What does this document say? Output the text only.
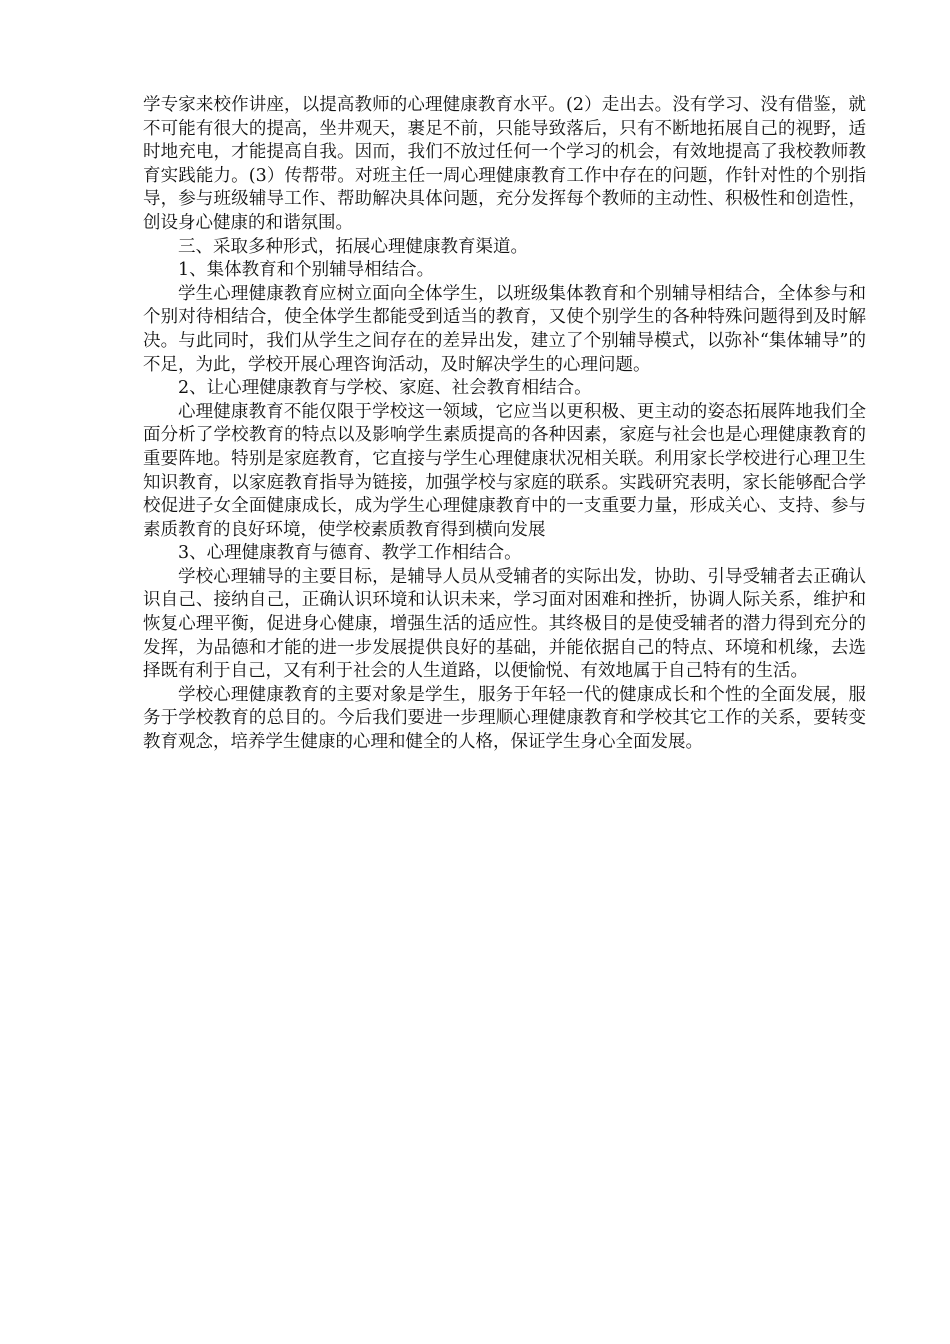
学专家来校作讲座，以提高教师的心理健康教育水平。(2）走出去。没有学习、没有借鉴，就不可能有很大的提高，坐井观天，裹足不前，只能导致落后，只有不断地拓展自己的视野，适时地充电，才能提高自我。因而，我们不放过任何一个学习的机会，有效地提高了我校教师教育实践能力。(3）传帮带。对班主任一周心理健康教育工作中存在的问题，作针对性的个别指导，参与班级辅导工作、帮助解决具体问题，充分发挥每个教师的主动性、积极性和创造性，创设身心健康的和谐氛围。

三、采取多种形式，拓展心理健康教育渠道。

1、集体教育和个别辅导相结合。

学生心理健康教育应树立面向全体学生，以班级集体教育和个别辅导相结合，全体参与和个别对待相结合，使全体学生都能受到适当的教育，又使个别学生的各种特殊问题得到及时解决。与此同时，我们从学生之间存在的差异出发，建立了个别辅导模式，以弥补“集体辅导”的不足，为此，学校开展心理咨询活动，及时解决学生的心理问题。

2、让心理健康教育与学校、家庭、社会教育相结合。

心理健康教育不能仅限于学校这一领域，它应当以更积极、更主动的姿态拓展阵地我们全面分析了学校教育的特点以及影响学生素质提高的各种因素，家庭与社会也是心理健康教育的重要阵地。特别是家庭教育，它直接与学生心理健康状况相关联。利用家长学校进行心理卫生知识教育，以家庭教育指导为链接，加强学校与家庭的联系。实践研究表明，家长能够配合学校促进子女全面健康成长，成为学生心理健康教育中的一支重要力量，形成关心、支持、参与素质教育的良好环境，使学校素质教育得到横向发展

3、心理健康教育与德育、教学工作相结合。

学校心理辅导的主要目标，是辅导人员从受辅者的实际出发，协助、引导受辅者去正确认识自己、接纳自己，正确认识环境和认识未来，学习面对困难和挫折，协调人际关系，维护和恢复心理平衡，促进身心健康，增强生活的适应性。其终极目的是使受辅者的潜力得到充分的发挥，为品德和才能的进一步发展提供良好的基础，并能依据自己的特点、环境和机缘，去选择既有利于自己，又有利于社会的人生道路，以便愉悦、有效地属于自己特有的生活。

学校心理健康教育的主要对象是学生，服务于年轻一代的健康成长和个性的全面发展，服务于学校教育的总目的。今后我们要进一步理顺心理健康教育和学校其它工作的关系，要转变教育观念，培养学生健康的心理和健全的人格，保证学生身心全面发展。
